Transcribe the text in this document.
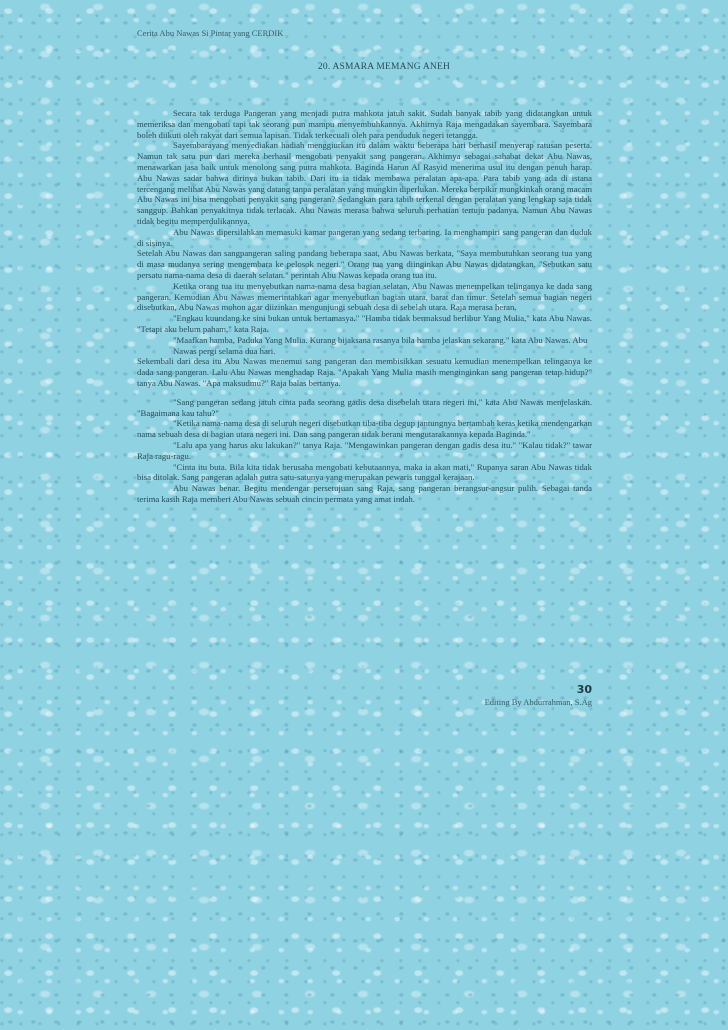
Cerita Abu Nawas Si Pintar yang CERDIK
20. ASMARA MEMANG ANEH

Secara tak terduga Pangeran yang menjadi putra mahkota jatuh sakit. Sudah banyak tabib yang didatangkan untuk memeriksa dan mengobati tapi tak seorang pun mampu menyembuhkannya. Akhirnya Raja mengadakan sayembara. Sayembara boleh diikuti oleh rakyat dari semua lapisan. Tidak terkecuali oleh para penduduk negeri tetangga.

Sayembarayang menyediakan hadiah menggiurkan itu dalam waktu beberapa hari berhasil menyerap ratusan peserta. Namun tak satu pun dari mereka berhasil mengobati penyakit sang pangeran. Akhirnya sebagai sahabat dekat Abu Nawas, menawarkan jasa baik untuk menolong sang putra mahkota. Baginda Harun Al Rasyid menerima usul itu dengan penuh harap. Abu Nawas sadar bahwa dirinya bukan tabib. Dari itu ia tidak membawa peralatan apa-apa. Para tabib yang ada di istana tercengang melihat Abu Nawas yang datang tanpa peralatan yang mungkin diperlukan. Mereka berpikir mungkinkah orang macam Abu Nawas ini bisa mengobati penyakit sang pangeran? Sedangkan para tabib terkenal dengan peralatan yang lengkap saja tidak sanggup. Bahkan penyakitnya tidak terlacak. Abu Nawas merasa bahwa seluruh perhatian tertuju padanya. Namun Abu Nawas tidak begitu memperdulikannya.

Abu Nawas dipersilahkan memasuki kamar pangeran yang sedang terbaring. Ia menghampiri sang pangeran dan duduk di sisinya.

Setelah Abu Nawas dan sangpangeran saling pandang beberapa saat, Abu Nawas berkata, "Saya membutuhkan seorang tua yang di masa mudanya sering mengembara ke pelosok negeri." Orang tua yang diinginkan Abu Nawas didatangkan. "Sebutkan satu persatu nama-nama desa di daerah selatan." perintah Abu Nawas kepada orang tua itu.

Ketika orang tua itu menyebutkan nama-nama desa bagian selatan, Abu Nawas menempelkan telinganya ke dada sang pangeran. Kemudian Abu Nawas memerintahkan agar menyebutkan bagian utara, barat dan timur. Setelah semua bagian negeri disebutkan, Abu Nawas mohon agar diizinkan mengunjungi sebuah desa di sebelah utara. Raja merasa heran.

"Engkau kuundang ke sini bukan untuk bertamasya." "Hamba tidak bermaksud berlibur Yang Mulia," kata Abu Nawas. "Tetapi aku belum paham," kata Raja.

"Maafkan hamba, Paduka Yang Mulia. Kurang bijaksana rasanya bila hamba jelaskan sekarang." kata Abu Nawas. Abu

Nawas pergi selama dua hari.

Sekembali dari desa itu Abu Nawas menemui sang pangeran dan membisikkan sesuatu kemudian menempelkan telinganya ke dada sang pangeran. Lalu Abu Nawas menghadap Raja. "Apakah Yang Mulia masih menginginkan sang pangeran tetap hidup?" tanya Abu Nawas. "Apa maksudmu?" Raja balas bertanya.

"Sang pangeran sedang jatuh cinta pada seorang gadis desa disebelah utara negeri ini," kata Abu Nawas menjelaskan. "Bagaimana kau tahu?"

"Ketika nama-nama desa di seluruh negeri disebutkan tiba-tiba degup jantungnya bertambah keras ketika mendengarkan nama sebuah desa di bagian utara negeri ini. Dan sang pangeran tidak berani mengutarakannya kepada Baginda."

"Lalu apa yang harus aku lakukan?" tanya Raja. "Mengawinkan pangeran dengan gadis desa itu." "Kalau tidak?" tawar Raja ragu-ragu.

"Cinta itu buta. Bila kita tidak berusaha mengobati kebutaannya, maka ia akan mati," Rupanya saran Abu Nawas tidak bisa ditolak. Sang pangeran adalah putra satu-satunya yang merupakan pewaris tunggal kerajaan.

Abu Nawas benar. Begitu mendengar persetujuan sang Raja, sang pangeran berangsur-angsur pulih. Sebagai tanda terima kasih Raja memberi Abu Nawas sebuah cincin permata yang amat indah.

30
Editing By Abdurrahman, S.Ag
